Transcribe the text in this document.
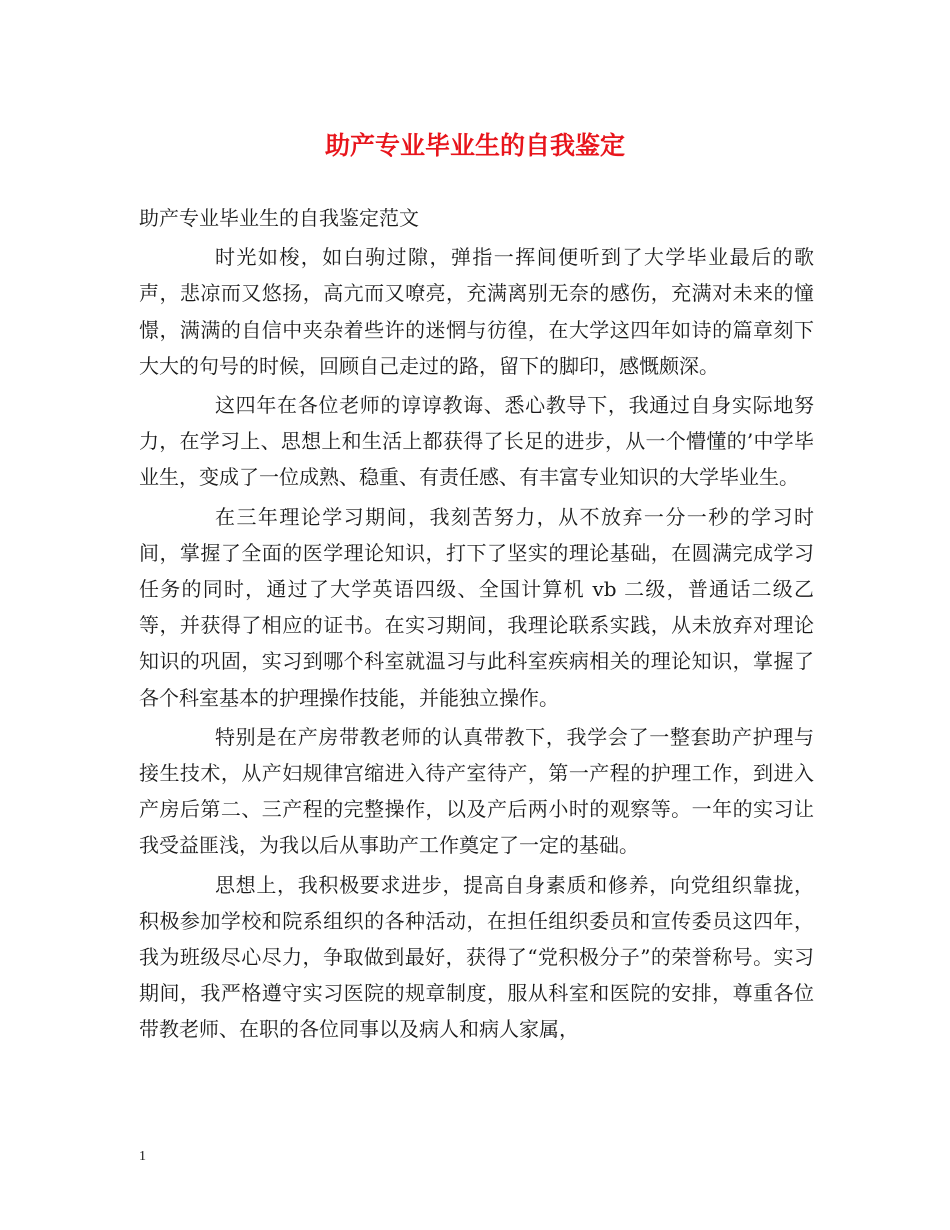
助产专业毕业生的自我鉴定

助产专业毕业生的自我鉴定范文

时光如梭，如白驹过隙，弹指一挥间便听到了大学毕业最后的歌声，悲凉而又悠扬，高亢而又嘹亮，充满离别无奈的感伤，充满对未来的憧憬，满满的自信中夹杂着些许的迷惘与彷徨，在大学这四年如诗的篇章刻下大大的句号的时候，回顾自己走过的路，留下的脚印，感慨颇深。

这四年在各位老师的谆谆教诲、悉心教导下，我通过自身实际地努力，在学习上、思想上和生活上都获得了长足的进步，从一个懵懂的’中学毕业生，变成了一位成熟、稳重、有责任感、有丰富专业知识的大学毕业生。

在三年理论学习期间，我刻苦努力，从不放弃一分一秒的学习时间，掌握了全面的医学理论知识，打下了坚实的理论基础，在圆满完成学习任务的同时，通过了大学英语四级、全国计算机 vb 二级，普通话二级乙等，并获得了相应的证书。在实习期间，我理论联系实践，从未放弃对理论知识的巩固，实习到哪个科室就温习与此科室疾病相关的理论知识，掌握了各个科室基本的护理操作技能，并能独立操作。

特别是在产房带教老师的认真带教下，我学会了一整套助产护理与接生技术，从产妇规律宫缩进入待产室待产，第一产程的护理工作，到进入产房后第二、三产程的完整操作，以及产后两小时的观察等。一年的实习让我受益匪浅，为我以后从事助产工作奠定了一定的基础。

思想上，我积极要求进步，提高自身素质和修养，向党组织靠拢，积极参加学校和院系组织的各种活动，在担任组织委员和宣传委员这四年，我为班级尽心尽力，争取做到最好，获得了“党积极分子”的荣誉称号。实习期间，我严格遵守实习医院的规章制度，服从科室和医院的安排，尊重各位带教老师、在职的各位同事以及病人和病人家属，

1
